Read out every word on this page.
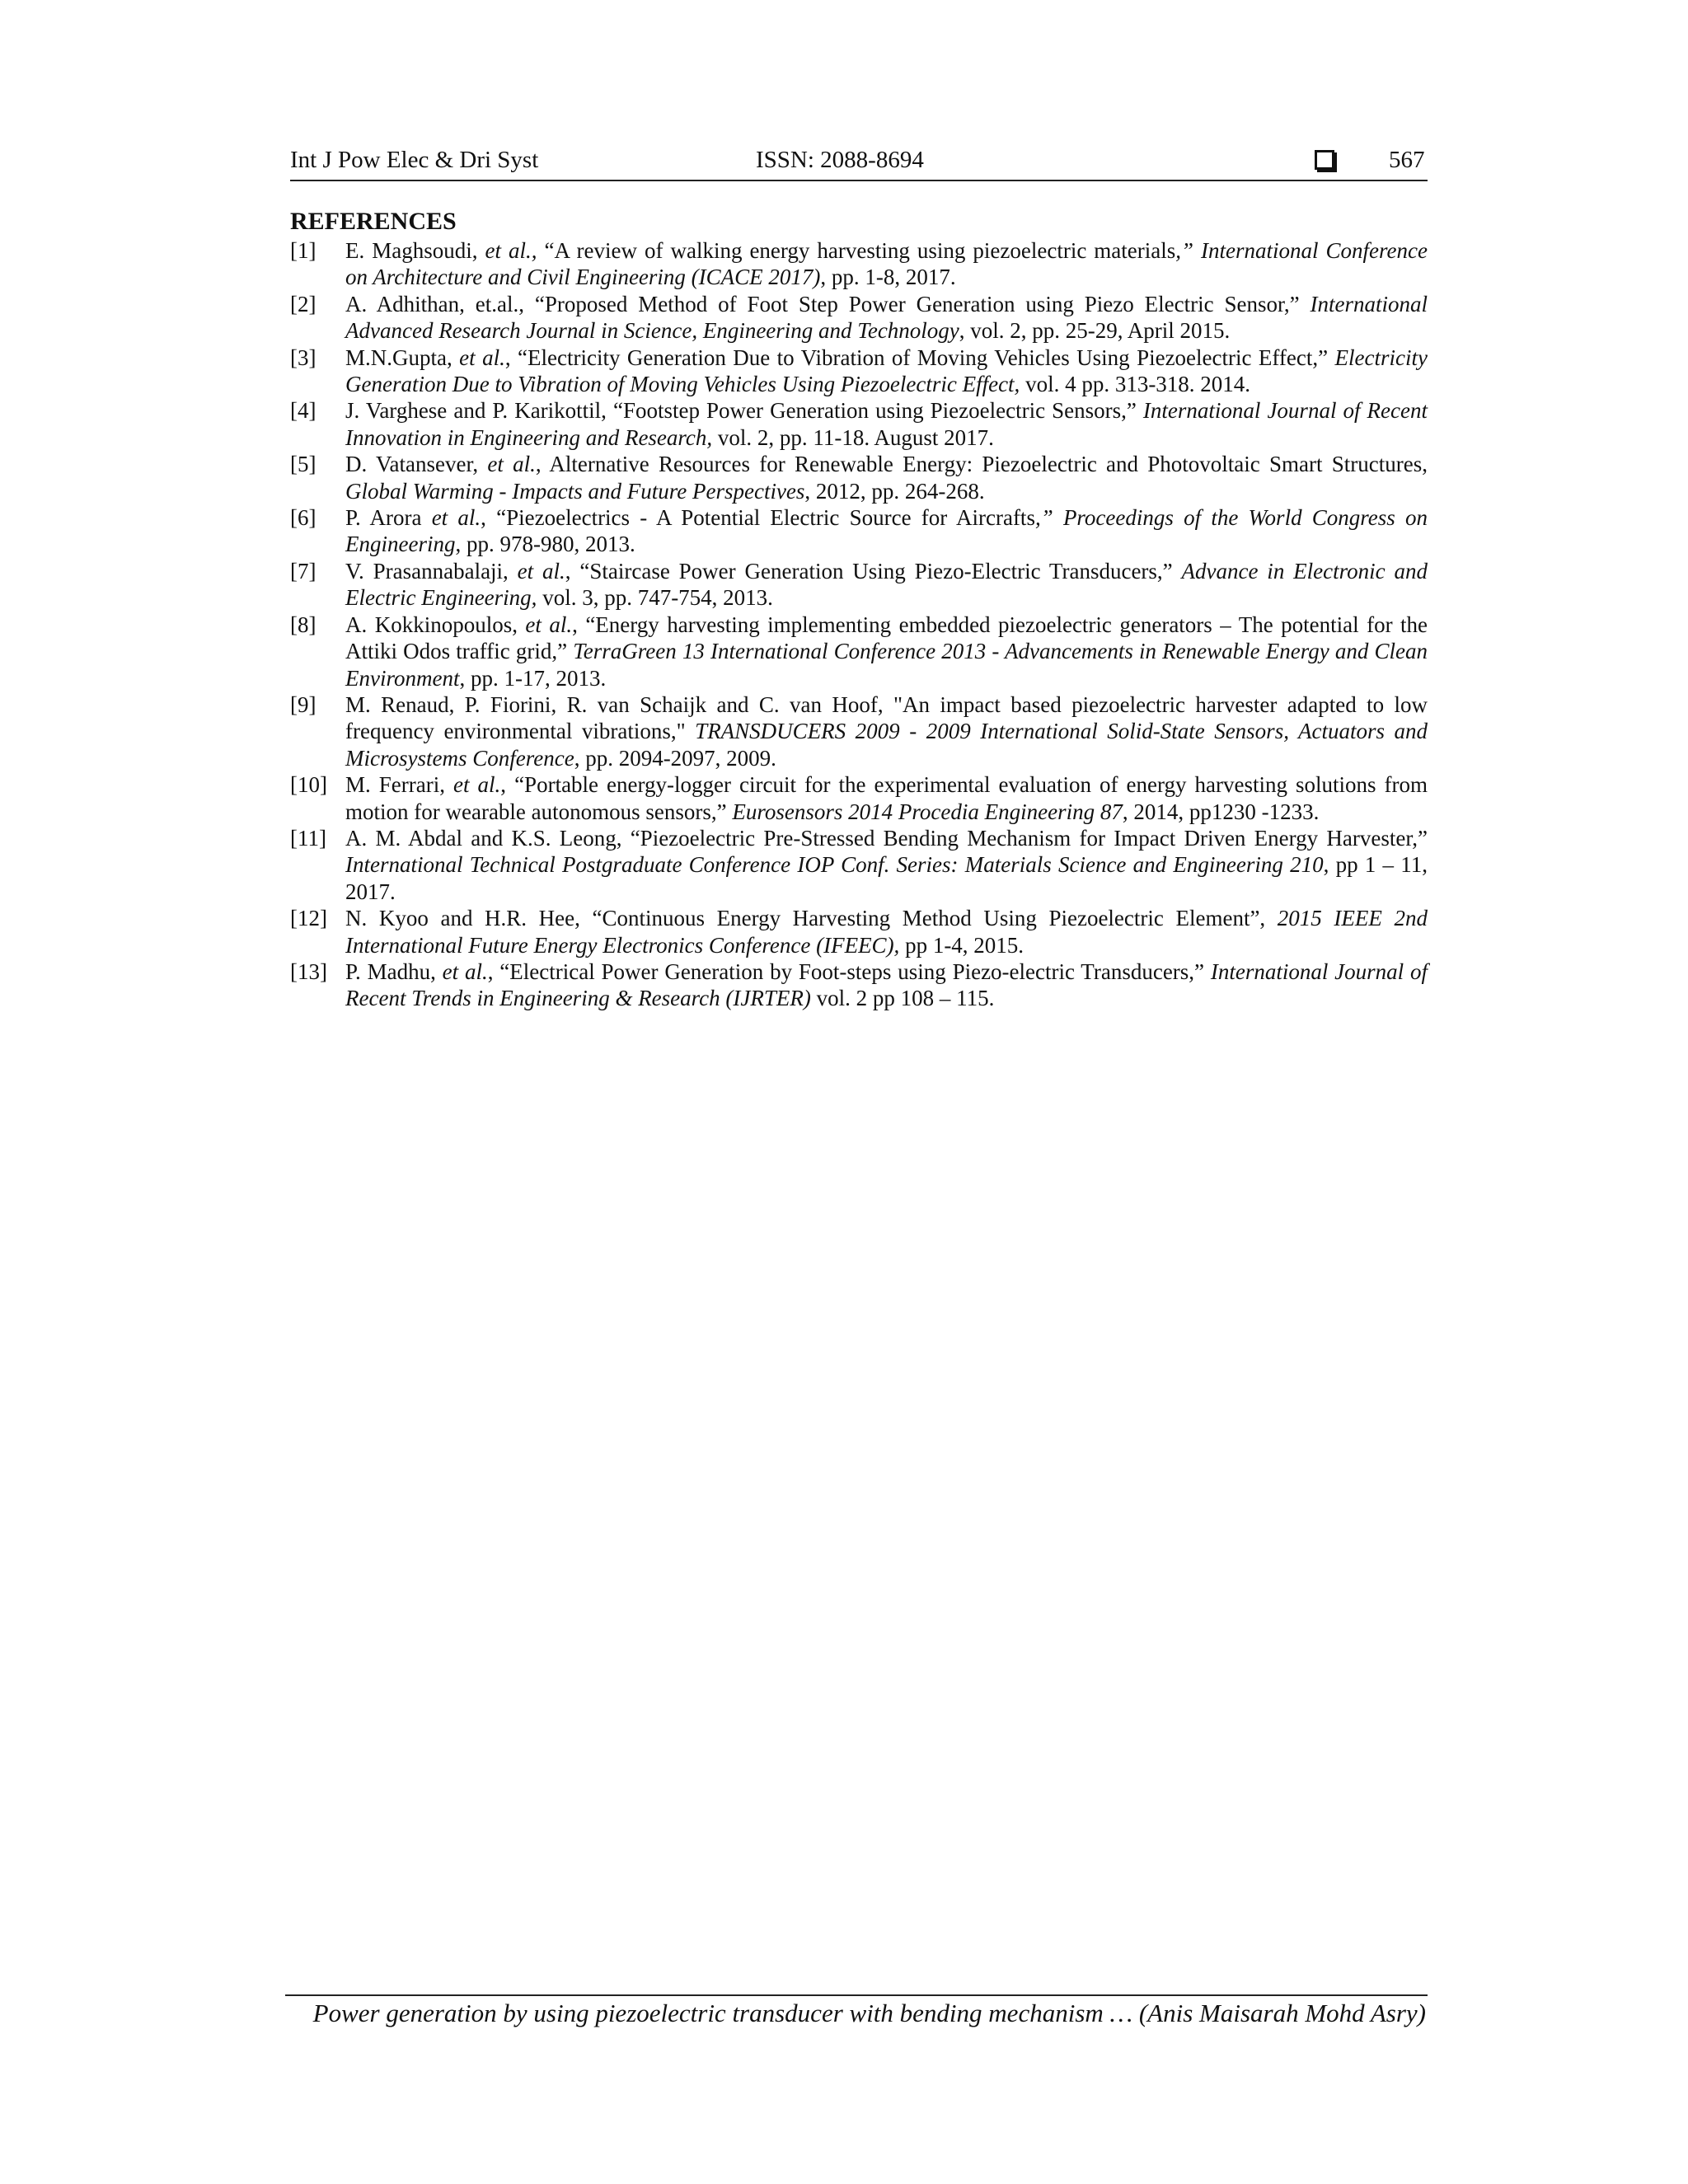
Int J Pow Elec & Dri Syst	ISSN: 2088-8694	567
REFERENCES
[1] E. Maghsoudi, et al., “A review of walking energy harvesting using piezoelectric materials,” International Conference on Architecture and Civil Engineering (ICACE 2017), pp. 1-8, 2017.
[2] A. Adhithan, et.al., “Proposed Method of Foot Step Power Generation using Piezo Electric Sensor,” International Advanced Research Journal in Science, Engineering and Technology, vol. 2, pp. 25-29, April 2015.
[3] M.N.Gupta, et al., “Electricity Generation Due to Vibration of Moving Vehicles Using Piezoelectric Effect,” Electricity Generation Due to Vibration of Moving Vehicles Using Piezoelectric Effect, vol. 4 pp. 313-318. 2014.
[4] J. Varghese and P. Karikottil, “Footstep Power Generation using Piezoelectric Sensors,” International Journal of Recent Innovation in Engineering and Research, vol. 2, pp. 11-18. August 2017.
[5] D. Vatansever, et al., Alternative Resources for Renewable Energy: Piezoelectric and Photovoltaic Smart Structures, Global Warming - Impacts and Future Perspectives, 2012, pp. 264-268.
[6] P. Arora et al., “Piezoelectrics - A Potential Electric Source for Aircrafts,” Proceedings of the World Congress on Engineering, pp. 978-980, 2013.
[7] V. Prasannabalaji, et al., “Staircase Power Generation Using Piezo-Electric Transducers,” Advance in Electronic and Electric Engineering, vol. 3, pp. 747-754, 2013.
[8] A. Kokkinopoulos, et al., “Energy harvesting implementing embedded piezoelectric generators – The potential for the Attiki Odos traffic grid,” TerraGreen 13 International Conference 2013 - Advancements in Renewable Energy and Clean Environment, pp. 1-17, 2013.
[9] M. Renaud, P. Fiorini, R. van Schaijk and C. van Hoof, "An impact based piezoelectric harvester adapted to low frequency environmental vibrations," TRANSDUCERS 2009 - 2009 International Solid-State Sensors, Actuators and Microsystems Conference, pp. 2094-2097, 2009.
[10] M. Ferrari, et al., “Portable energy-logger circuit for the experimental evaluation of energy harvesting solutions from motion for wearable autonomous sensors,” Eurosensors 2014 Procedia Engineering 87, 2014, pp1230 -1233.
[11] A. M. Abdal and K.S. Leong, “Piezoelectric Pre-Stressed Bending Mechanism for Impact Driven Energy Harvester,” International Technical Postgraduate Conference IOP Conf. Series: Materials Science and Engineering 210, pp 1 – 11, 2017.
[12] N. Kyoo and H.R. Hee, “Continuous Energy Harvesting Method Using Piezoelectric Element”, 2015 IEEE 2nd International Future Energy Electronics Conference (IFEEC), pp 1-4, 2015.
[13] P. Madhu, et al., “Electrical Power Generation by Foot-steps using Piezo-electric Transducers,” International Journal of Recent Trends in Engineering & Research (IJRTER) vol. 2 pp 108 – 115.
Power generation by using piezoelectric transducer with bending mechanism … (Anis Maisarah Mohd Asry)
